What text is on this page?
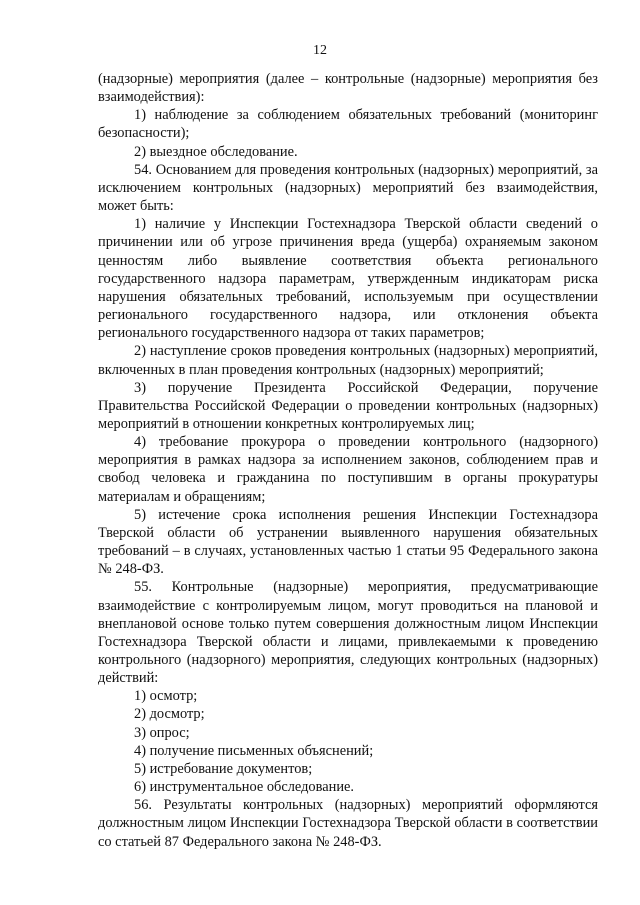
12

(надзорные) мероприятия (далее – контрольные (надзорные) мероприятия без взаимодействия):

1) наблюдение за соблюдением обязательных требований (мониторинг безопасности);

2) выездное обследование.

54. Основанием для проведения контрольных (надзорных) мероприятий, за исключением контрольных (надзорных) мероприятий без взаимодействия, может быть:

1) наличие у Инспекции Гостехнадзора Тверской области сведений о причинении или об угрозе причинения вреда (ущерба) охраняемым законом ценностям либо выявление соответствия объекта регионального государственного надзора параметрам, утвержденным индикаторам риска нарушения обязательных требований, используемым при осуществлении регионального государственного надзора, или отклонения объекта регионального государственного надзора от таких параметров;

2) наступление сроков проведения контрольных (надзорных) мероприятий, включенных в план проведения контрольных (надзорных) мероприятий;

3) поручение Президента Российской Федерации, поручение Правительства Российской Федерации о проведении контрольных (надзорных) мероприятий в отношении конкретных контролируемых лиц;

4) требование прокурора о проведении контрольного (надзорного) мероприятия в рамках надзора за исполнением законов, соблюдением прав и свобод человека и гражданина по поступившим в органы прокуратуры материалам и обращениям;

5) истечение срока исполнения решения Инспекции Гостехнадзора Тверской области об устранении выявленного нарушения обязательных требований – в случаях, установленных частью 1 статьи 95 Федерального закона № 248-ФЗ.

55. Контрольные (надзорные) мероприятия, предусматривающие взаимодействие с контролируемым лицом, могут проводиться на плановой и внеплановой основе только путем совершения должностным лицом Инспекции Гостехнадзора Тверской области и лицами, привлекаемыми к проведению контрольного (надзорного) мероприятия, следующих контрольных (надзорных) действий:

1) осмотр;

2) досмотр;

3) опрос;

4) получение письменных объяснений;

5) истребование документов;

6) инструментальное обследование.

56. Результаты контрольных (надзорных) мероприятий оформляются должностным лицом Инспекции Гостехнадзора Тверской области в соответствии со статьей 87 Федерального закона № 248-ФЗ.
